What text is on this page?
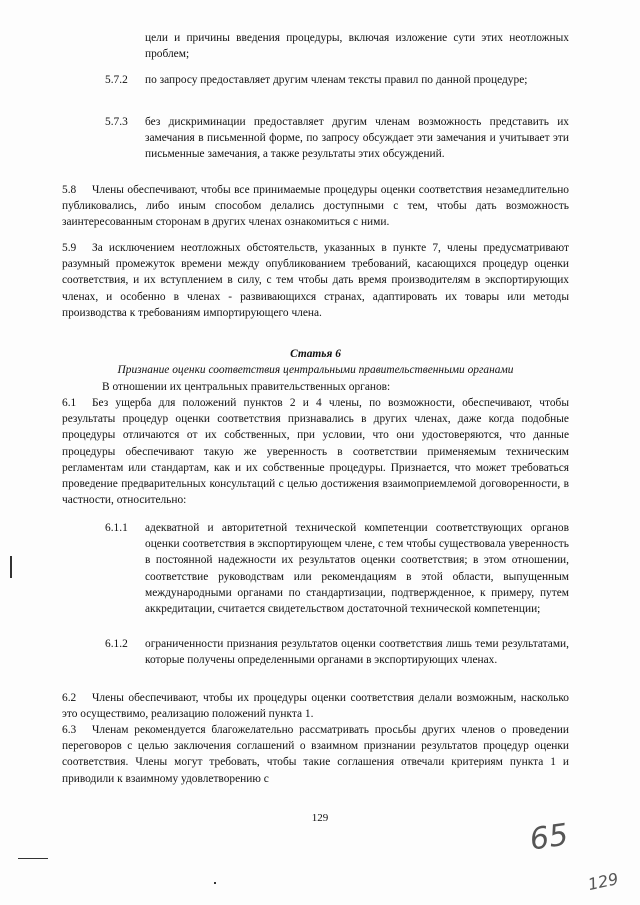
цели и причины введения процедуры, включая изложение сути этих неотложных проблем;
5.7.2 по запросу предоставляет другим членам тексты правил по данной процедуре;
5.7.3 без дискриминации предоставляет другим членам возможность представить их замечания в письменной форме, по запросу обсуждает эти замечания и учитывает эти письменные замечания, а также результаты этих обсуждений.
5.8 Члены обеспечивают, чтобы все принимаемые процедуры оценки соответствия незамедлительно публиковались, либо иным способом делались доступными с тем, чтобы дать возможность заинтересованным сторонам в других членах ознакомиться с ними.
5.9 За исключением неотложных обстоятельств, указанных в пункте 7, члены предусматривают разумный промежуток времени между опубликованием требований, касающихся процедур оценки соответствия, и их вступлением в силу, с тем чтобы дать время производителям в экспортирующих членах, и особенно в членах - развивающихся странах, адаптировать их товары или методы производства к требованиям импортирующего члена.
Статья 6
Признание оценки соответствия центральными правительственными органами
В отношении их центральных правительственных органов:
6.1 Без ущерба для положений пунктов 2 и 4 члены, по возможности, обеспечивают, чтобы результаты процедур оценки соответствия признавались в других членах, даже когда подобные процедуры отличаются от их собственных, при условии, что они удостоверяются, что данные процедуры обеспечивают такую же уверенность в соответствии применяемым техническим регламентам или стандартам, как и их собственные процедуры. Признается, что может требоваться проведение предварительных консультаций с целью достижения взаимоприемлемой договоренности, в частности, относительно:
6.1.1 адекватной и авторитетной технической компетенции соответствующих органов оценки соответствия в экспортирующем члене, с тем чтобы существовала уверенность в постоянной надежности их результатов оценки соответствия; в этом отношении, соответствие руководствам или рекомендациям в этой области, выпущенным международными органами по стандартизации, подтвержденное, к примеру, путем аккредитации, считается свидетельством достаточной технической компетенции;
6.1.2 ограниченности признания результатов оценки соответствия лишь теми результатами, которые получены определенными органами в экспортирующих членах.
6.2 Члены обеспечивают, чтобы их процедуры оценки соответствия делали возможным, насколько это осуществимо, реализацию положений пункта 1.
6.3 Членам рекомендуется благожелательно рассматривать просьбы других членов о проведении переговоров с целью заключения соглашений о взаимном признании результатов процедур оценки соответствия. Члены могут требовать, чтобы такие соглашения отвечали критериям пункта 1 и приводили к взаимному удовлетворению с
129	65
129
